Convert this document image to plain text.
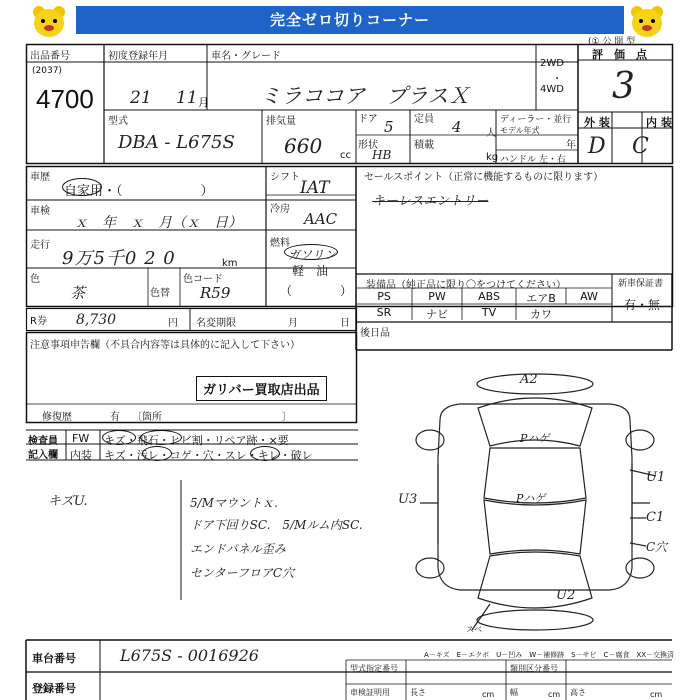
完全ゼロ切りコーナー
(① 公 開 型
出品番号
(2037)
4700
初度登録年月
21 11 月
車名・グレード
ミラココア　プラスＸ
2WD
・
4WD
評　価　点
3
型式
DBA - L675S
排気量
660 cc
ドア 5 定員 4 人
ディーラー・並行
モデル年式
年
形状
HB
積載
kg ハンドル 左・右
外 装	内 装
D C
車歴
自家用・（　　　　　　）
シフト
IAT
セールスポイント（正常に機能するものに限ります）
キーレスエントリー
車検
ｘ　年　ｘ　月（ｘ　日）
冷房
AAC
走行
9万5千0 2 0	km
燃料
ガソリン
軽　油
（　　　　）
色
茶	色替
色コード
R59	装備品（純正品に限り〇をつけてください）	新車保証書
有・無
PS	PW	ABS	エアB	AW
SR	ナビ	TV	カワ
R券 8,730	円 名変期限	月	日
後日品
注意事項申告欄（不具合内容等は具体的に記入して下さい）
ガリバー買取店出品
修復歴	有 〔箇所　　　　　　　　　　　　〕
検査員
記入欄
FW キズ・飛石・ヒビ割・リペア跡・×要
内装 キズ・汚レ・コゲ・穴・スレ・キレ・破レ
キズU.	5/Mマウントｘ.
ドア下回りSC.　5/Mルム内SC.
エンドパネル歪み
センターフロアC穴
A2
Pハゲ
Pハゲ
U3
U1
C1
C穴
U2
スベ
A－キズ　E－エクボ　U－凹み　W－補修跡　S－サビ　C－腐食　XX－交換済
車台番号	L675S - 0016926
登録番号
型式指定番号	類別区分番号
車検証明用	長さ	cm 幅	cm 高さ	cm
